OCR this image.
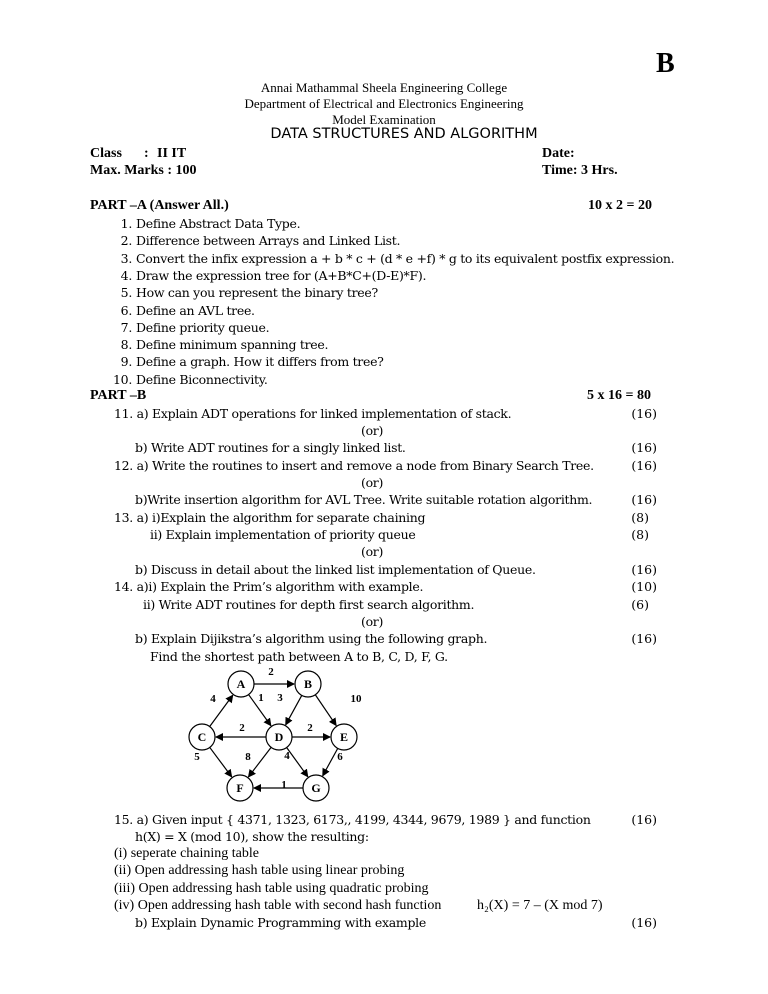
B
Annai Mathammal Sheela Engineering College
Department of Electrical and Electronics Engineering
Model Examination
DATA STRUCTURES AND ALGORITHM
Class : II IT	Date:
Max. Marks : 100	Time: 3 Hrs.
PART –A (Answer All.)	10 x 2 = 20
1. Define Abstract Data Type.
2. Difference between Arrays and Linked List.
3. Convert the infix expression a + b * c + (d * e +f) * g to its equivalent postfix expression.
4. Draw the expression tree for (A+B*C+(D-E)*F).
5. How can you represent the binary tree?
6. Define an AVL tree.
7. Define priority queue.
8. Define minimum spanning tree.
9. Define a graph. How it differs from tree?
10. Define Biconnectivity.
PART –B	5 x 16 = 80
11. a) Explain ADT operations for linked implementation of stack.	(16)
(or)
b) Write ADT routines for a singly linked list.	(16)
12. a) Write the routines to insert and remove a node from Binary Search Tree.	(16)
(or)
b)Write insertion algorithm for AVL Tree. Write suitable rotation algorithm.	(16)
13. a) i)Explain the algorithm for separate chaining	(8)
ii) Explain implementation of priority queue	(8)
(or)
b) Discuss in detail about the linked list implementation of Queue.	(16)
14. a)i) Explain the Prim’s algorithm with example.	(10)
ii) Write ADT routines for depth first search algorithm.	(6)
(or)
b) Explain Dijikstra’s algorithm using the following graph.	(16)
Find the shortest path between A to B, C, D, F, G.
A	B
C	D	E
F	G
2
4	1 3	10
2	2
5	8	4	6
1
15. a) Given input { 4371, 1323, 6173,, 4199, 4344, 9679, 1989 } and function	(16)
h(X) = X (mod 10), show the resulting:
(i) seperate chaining table
(ii) Open addressing hash table using linear probing
(iii) Open addressing hash table using quadratic probing
(iv) Open addressing hash table with second hash function	h₂(X) = 7 – (X mod 7)
b) Explain Dynamic Programming with example	(16)
